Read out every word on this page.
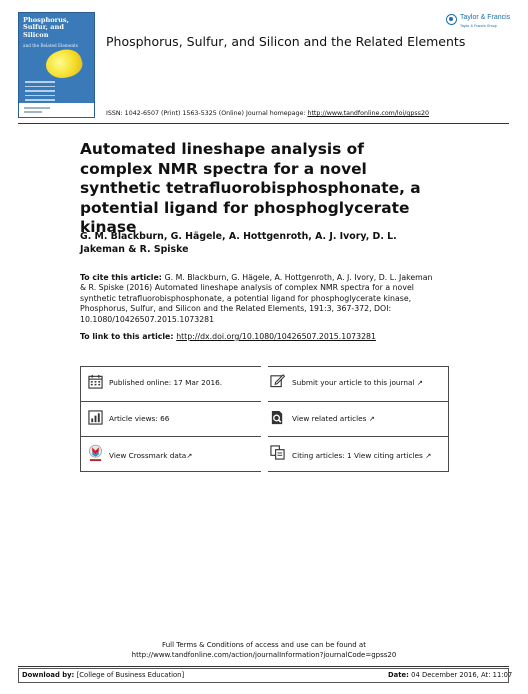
Phosphorus, Sulfur, and Silicon
and the Related Elements
Taylor & Francis
Taylor & Francis Group
Phosphorus, Sulfur, and Silicon and the Related Elements
ISSN: 1042-6507 (Print) 1563-5325 (Online) Journal homepage: http://www.tandfonline.com/loi/gpss20
Automated lineshape analysis of complex NMR spectra for a novel synthetic tetrafluorobisphosphonate, a potential ligand for phosphoglycerate kinase
G. M. Blackburn, G. Hägele, A. Hottgenroth, A. J. Ivory, D. L. Jakeman & R. Spiske
To cite this article: G. M. Blackburn, G. Hägele, A. Hottgenroth, A. J. Ivory, D. L. Jakeman & R. Spiske (2016) Automated lineshape analysis of complex NMR spectra for a novel synthetic tetrafluorobisphosphonate, a potential ligand for phosphoglycerate kinase, Phosphorus, Sulfur, and Silicon and the Related Elements, 191:3, 367-372, DOI: 10.1080/10426507.2015.1073281
To link to this article: http://dx.doi.org/10.1080/10426507.2015.1073281
Published online: 17 Mar 2016.	Submit your article to this journal ↗
Article views: 66	View related articles ↗
View Crossmark data↗	Citing articles: 1 View citing articles ↗
Full Terms & Conditions of access and use can be found at
http://www.tandfonline.com/action/journalInformation?journalCode=gpss20
Download by: [College of Business Education]	Date: 04 December 2016, At: 11:07
